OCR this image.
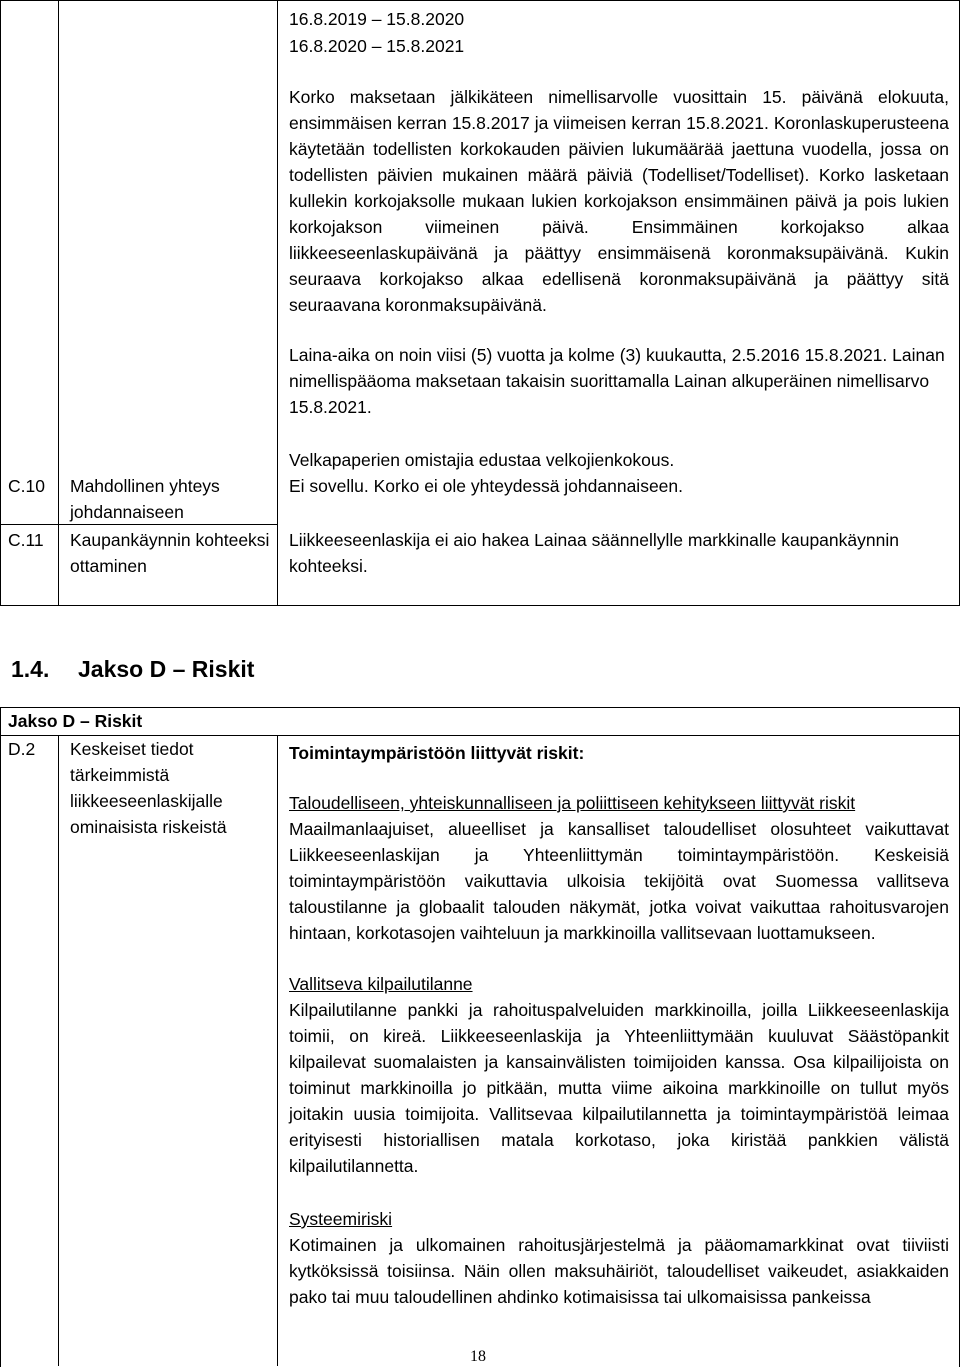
16.8.2019 – 15.8.2020
16.8.2020 – 15.8.2021
Korko maksetaan jälkikäteen nimellisarvolle vuosittain 15. päivänä elokuuta, ensimmäisen kerran 15.8.2017 ja viimeisen kerran 15.8.2021. Koronlaskuperusteena käytetään todellisten korkokauden päivien lukumäärää jaettuna vuodella, jossa on todellisten päivien mukainen määrä päiviä (Todelliset/Todelliset). Korko lasketaan kullekin korkojaksolle mukaan lukien korkojakson ensimmäinen päivä ja pois lukien korkojakson viimeinen päivä. Ensimmäinen korkojakso alkaa liikkeeseenlaskupäivänä ja päättyy ensimmäisenä koronmaksupäivänä. Kukin seuraava korkojakso alkaa edellisenä koronmaksupäivänä ja päättyy sitä seuraavana koronmaksupäivänä.
Laina-aika on noin viisi (5) vuotta ja kolme (3) kuukautta, 2.5.2016 15.8.2021. Lainan nimellispääoma maksetaan takaisin suorittamalla Lainan alkuperäinen nimellisarvo 15.8.2021.
Velkapaperien omistajia edustaa velkojienkokous.
C.10 Mahdollinen yhteys johdannaiseen
Ei sovellu. Korko ei ole yhteydessä johdannaiseen.
C.11 Kaupankäynnin kohteeksi ottaminen
Liikkeeseenlaskija ei aio hakea Lainaa säännellylle markkinalle kaupankäynnin kohteeksi.
1.4. Jakso D – Riskit
Jakso D – Riskit
D.2 Keskeiset tiedot tärkeimmistä liikkeeseenlaskijalle ominaisista riskeistä
Toimintaympäristöön liittyvät riskit:
Taloudelliseen, yhteiskunnalliseen ja poliittiseen kehitykseen liittyvät riskit
Maailmanlaajuiset, alueelliset ja kansalliset taloudelliset olosuhteet vaikuttavat Liikkeeseenlaskijan ja Yhteenliittymän toimintaympäristöön. Keskeisiä toimintaympäristöön vaikuttavia ulkoisia tekijöitä ovat Suomessa vallitseva taloustilanne ja globaalit talouden näkymät, jotka voivat vaikuttaa rahoitusvarojen hintaan, korkotasojen vaihteluun ja markkinoilla vallitsevaan luottamukseen.
Vallitseva kilpailutilanne
Kilpailutilanne pankki ja rahoituspalveluiden markkinoilla, joilla Liikkeeseenlaskija toimii, on kireä. Liikkeeseenlaskija ja Yhteenliittymään kuuluvat Säästöpankit kilpailevat suomalaisten ja kansainvälisten toimijoiden kanssa. Osa kilpailijoista on toiminut markkinoilla jo pitkään, mutta viime aikoina markkinoille on tullut myös joitakin uusia toimijoita. Vallitsevaa kilpailutilannetta ja toimintaympäristöä leimaa erityisesti historiallisen matala korkotaso, joka kiristää pankkien välistä kilpailutilannetta.
Systeemiriski
Kotimainen ja ulkomainen rahoitusjärjestelmä ja pääomamarkkinat ovat tiiviisti kytköksissä toisiinsa. Näin ollen maksuhäiriöt, taloudelliset vaikeudet, asiakkaiden pako tai muu taloudellinen ahdinko kotimaisissa tai ulkomaisissa pankeissa
18
